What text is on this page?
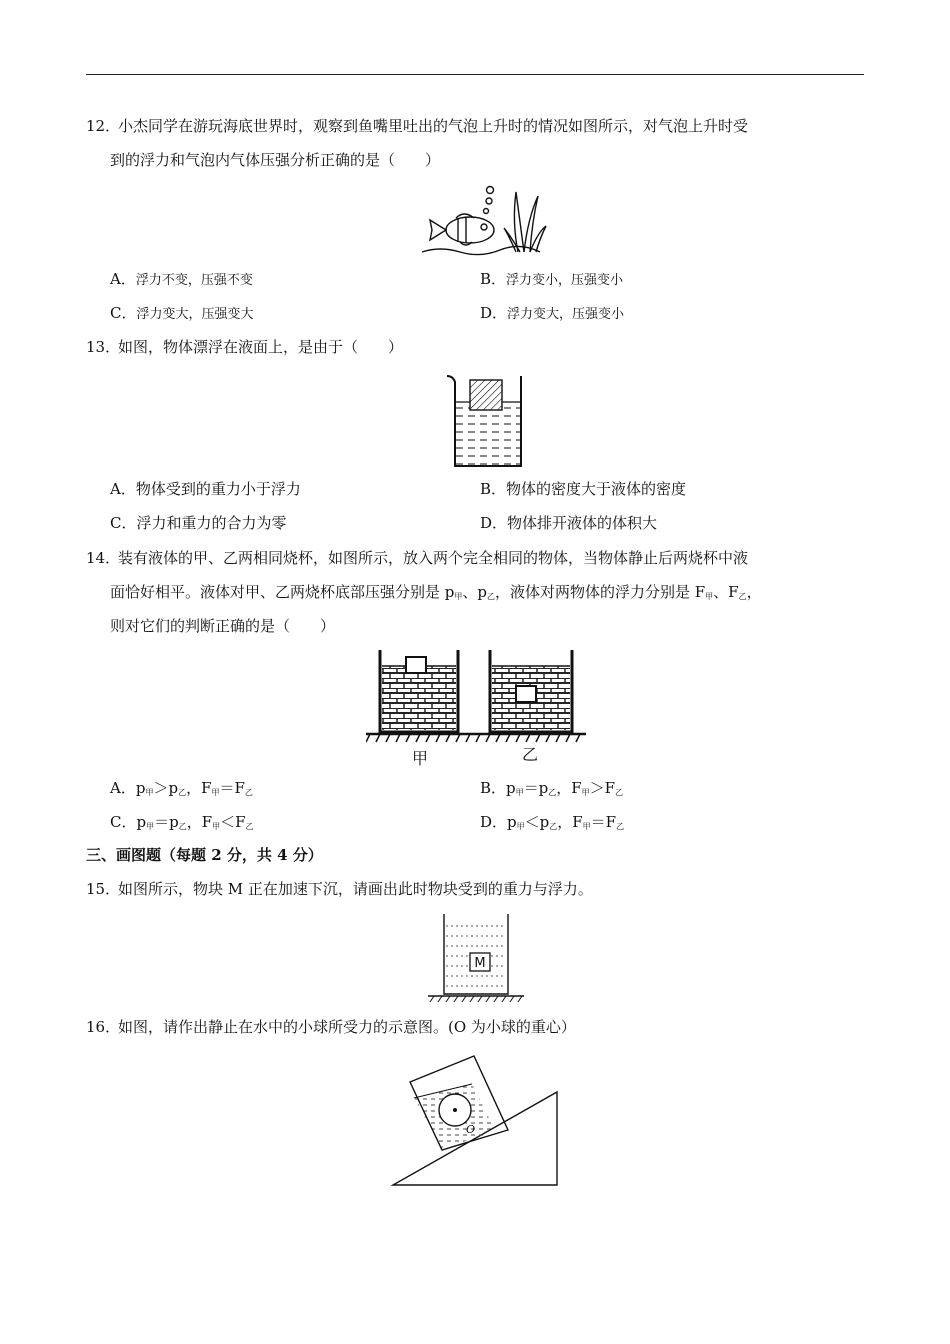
12．
小杰同学在游玩海底世界时，观察到鱼嘴里吐出的气泡上升时的情况如图所示，对气泡上升时受
到的浮力和气泡内气体压强分析正确的是（　　）
A．浮力不变，压强不变	B．浮力变小，压强变小
C．浮力变大，压强变大	D．浮力变大，压强变小
13．
如图，物体漂浮在液面上，是由于（　　）
A．物体受到的重力小于浮力	B．物体的密度大于液体的密度
C．浮力和重力的合力为零	D．物体排开液体的体积大
14．
装有液体的甲、乙两相同烧杯，如图所示，放入两个完全相同的物体，当物体静止后两烧杯中液
面恰好相平。液体对甲、乙两烧杯底部压强分别是 p甲、p乙，液体对两物体的浮力分别是 F甲、F乙，
则对它们的判断正确的是（　　）
甲	乙
A．p甲＞p乙，F甲＝F乙	B．p甲＝p乙，F甲＞F乙
C．p甲＝p乙，F甲＜F乙	D．p甲＜p乙，F甲＝F乙
三、画图题（每题 2 分，共 4 分）
15．
如图所示，物块 M 正在加速下沉，请画出此时物块受到的重力与浮力。
M
16．
如图，请作出静止在水中的小球所受力的示意图。(O 为小球的重心）
O
